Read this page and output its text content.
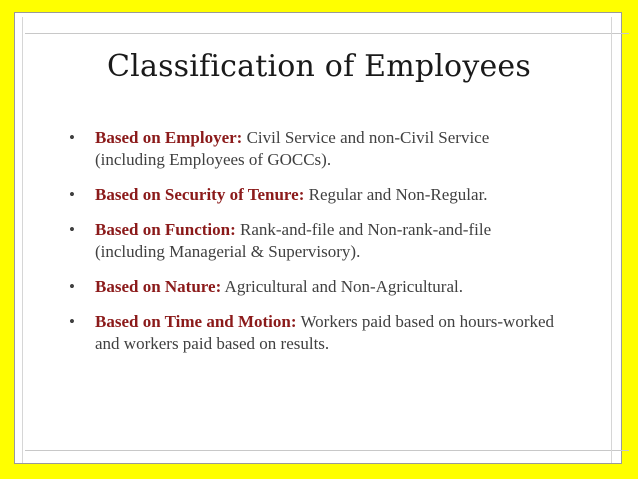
Classification of Employees
• Based on Employer: Civil Service and non-Civil Service (including Employees of GOCCs).
• Based on Security of Tenure: Regular and Non-Regular.
• Based on Function: Rank-and-file and Non-rank-and-file (including Managerial & Supervisory).
• Based on Nature: Agricultural and Non-Agricultural.
• Based on Time and Motion: Workers paid based on hours-worked and workers paid based on results.
